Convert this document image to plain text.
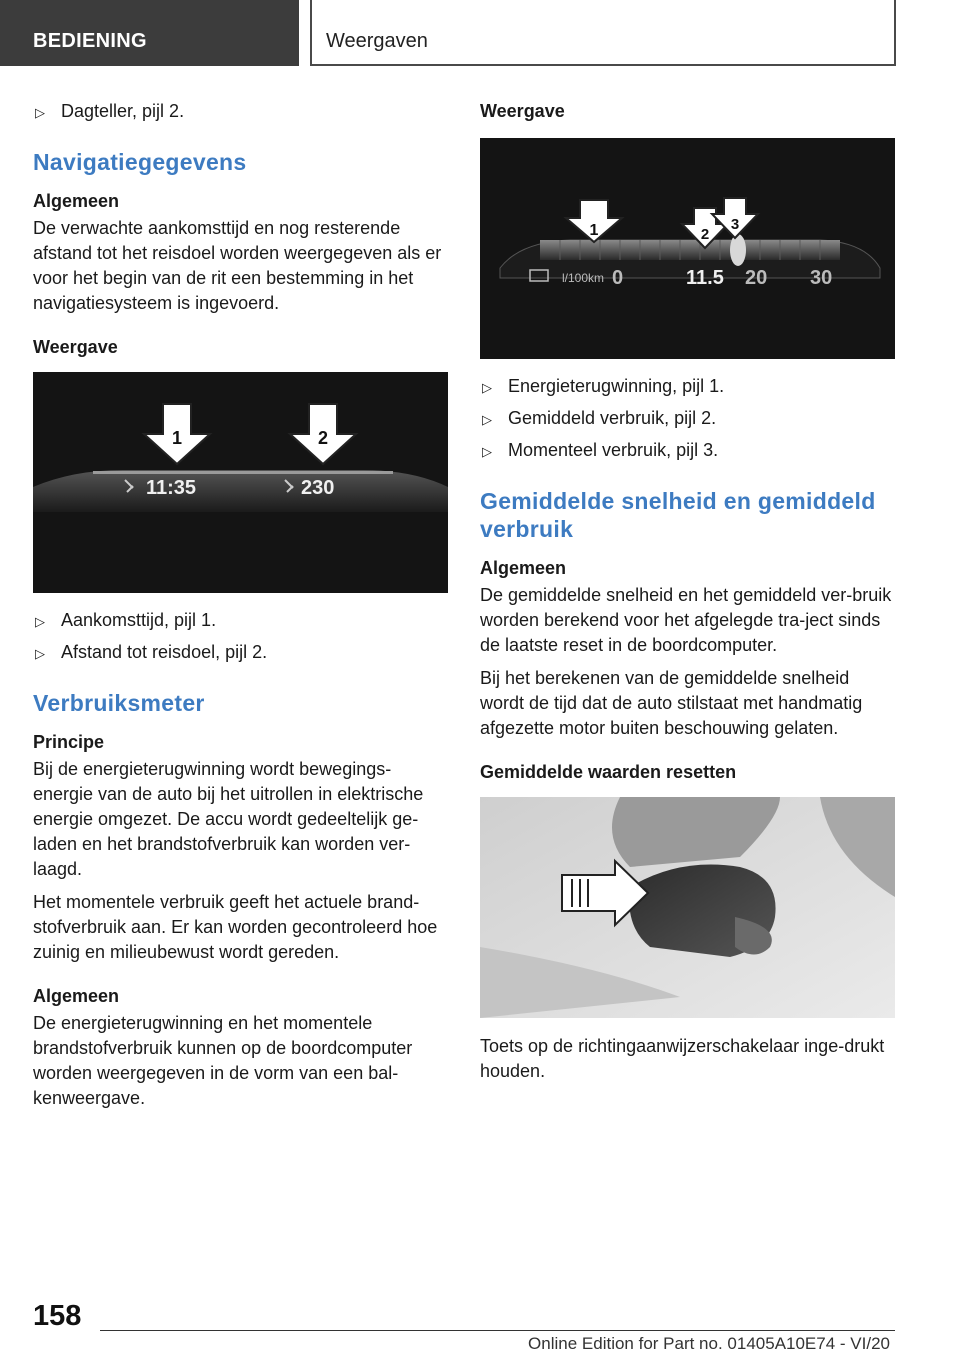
BEDIENING	Weergaven
▷ Dagteller, pijl 2.
Navigatiegegevens
Algemeen
De verwachte aankomsttijd en nog resterende afstand tot het reisdoel worden weergegeven als er voor het begin van de rit een bestemming in het navigatiesysteem is ingevoerd.
Weergave
1	2
11:35	230
▷ Aankomsttijd, pijl 1.
▷ Afstand tot reisdoel, pijl 2.
Verbruiksmeter
Principe
Bij de energieterugwinning wordt bewegings-energie van de auto bij het uitrollen in elektrische energie omgezet. De accu wordt gedeeltelijk ge-laden en het brandstofverbruik kan worden ver-laagd.
Het momentele verbruik geeft het actuele brand-stofverbruik aan. Er kan worden gecontroleerd hoe zuinig en milieubewust wordt gereden.
Algemeen
De energieterugwinning en het momentele brandstofverbruik kunnen op de boordcomputer worden weergegeven in de vorm van een bal-kenweergave.
Weergave
1	2
3
l/100km 0	11.5 20 30
▷ Energieterugwinning, pijl 1.
▷ Gemiddeld verbruik, pijl 2.
▷ Momenteel verbruik, pijl 3.
Gemiddelde snelheid en gemiddeld verbruik
Algemeen
De gemiddelde snelheid en het gemiddeld ver-bruik worden berekend voor het afgelegde tra-ject sinds de laatste reset in de boordcomputer.
Bij het berekenen van de gemiddelde snelheid wordt de tijd dat de auto stilstaat met handmatig afgezette motor buiten beschouwing gelaten.
Gemiddelde waarden resetten
Toets op de richtingaanwijzerschakelaar inge-drukt houden.
158
Online Edition for Part no. 01405A10E74 - VI/20
